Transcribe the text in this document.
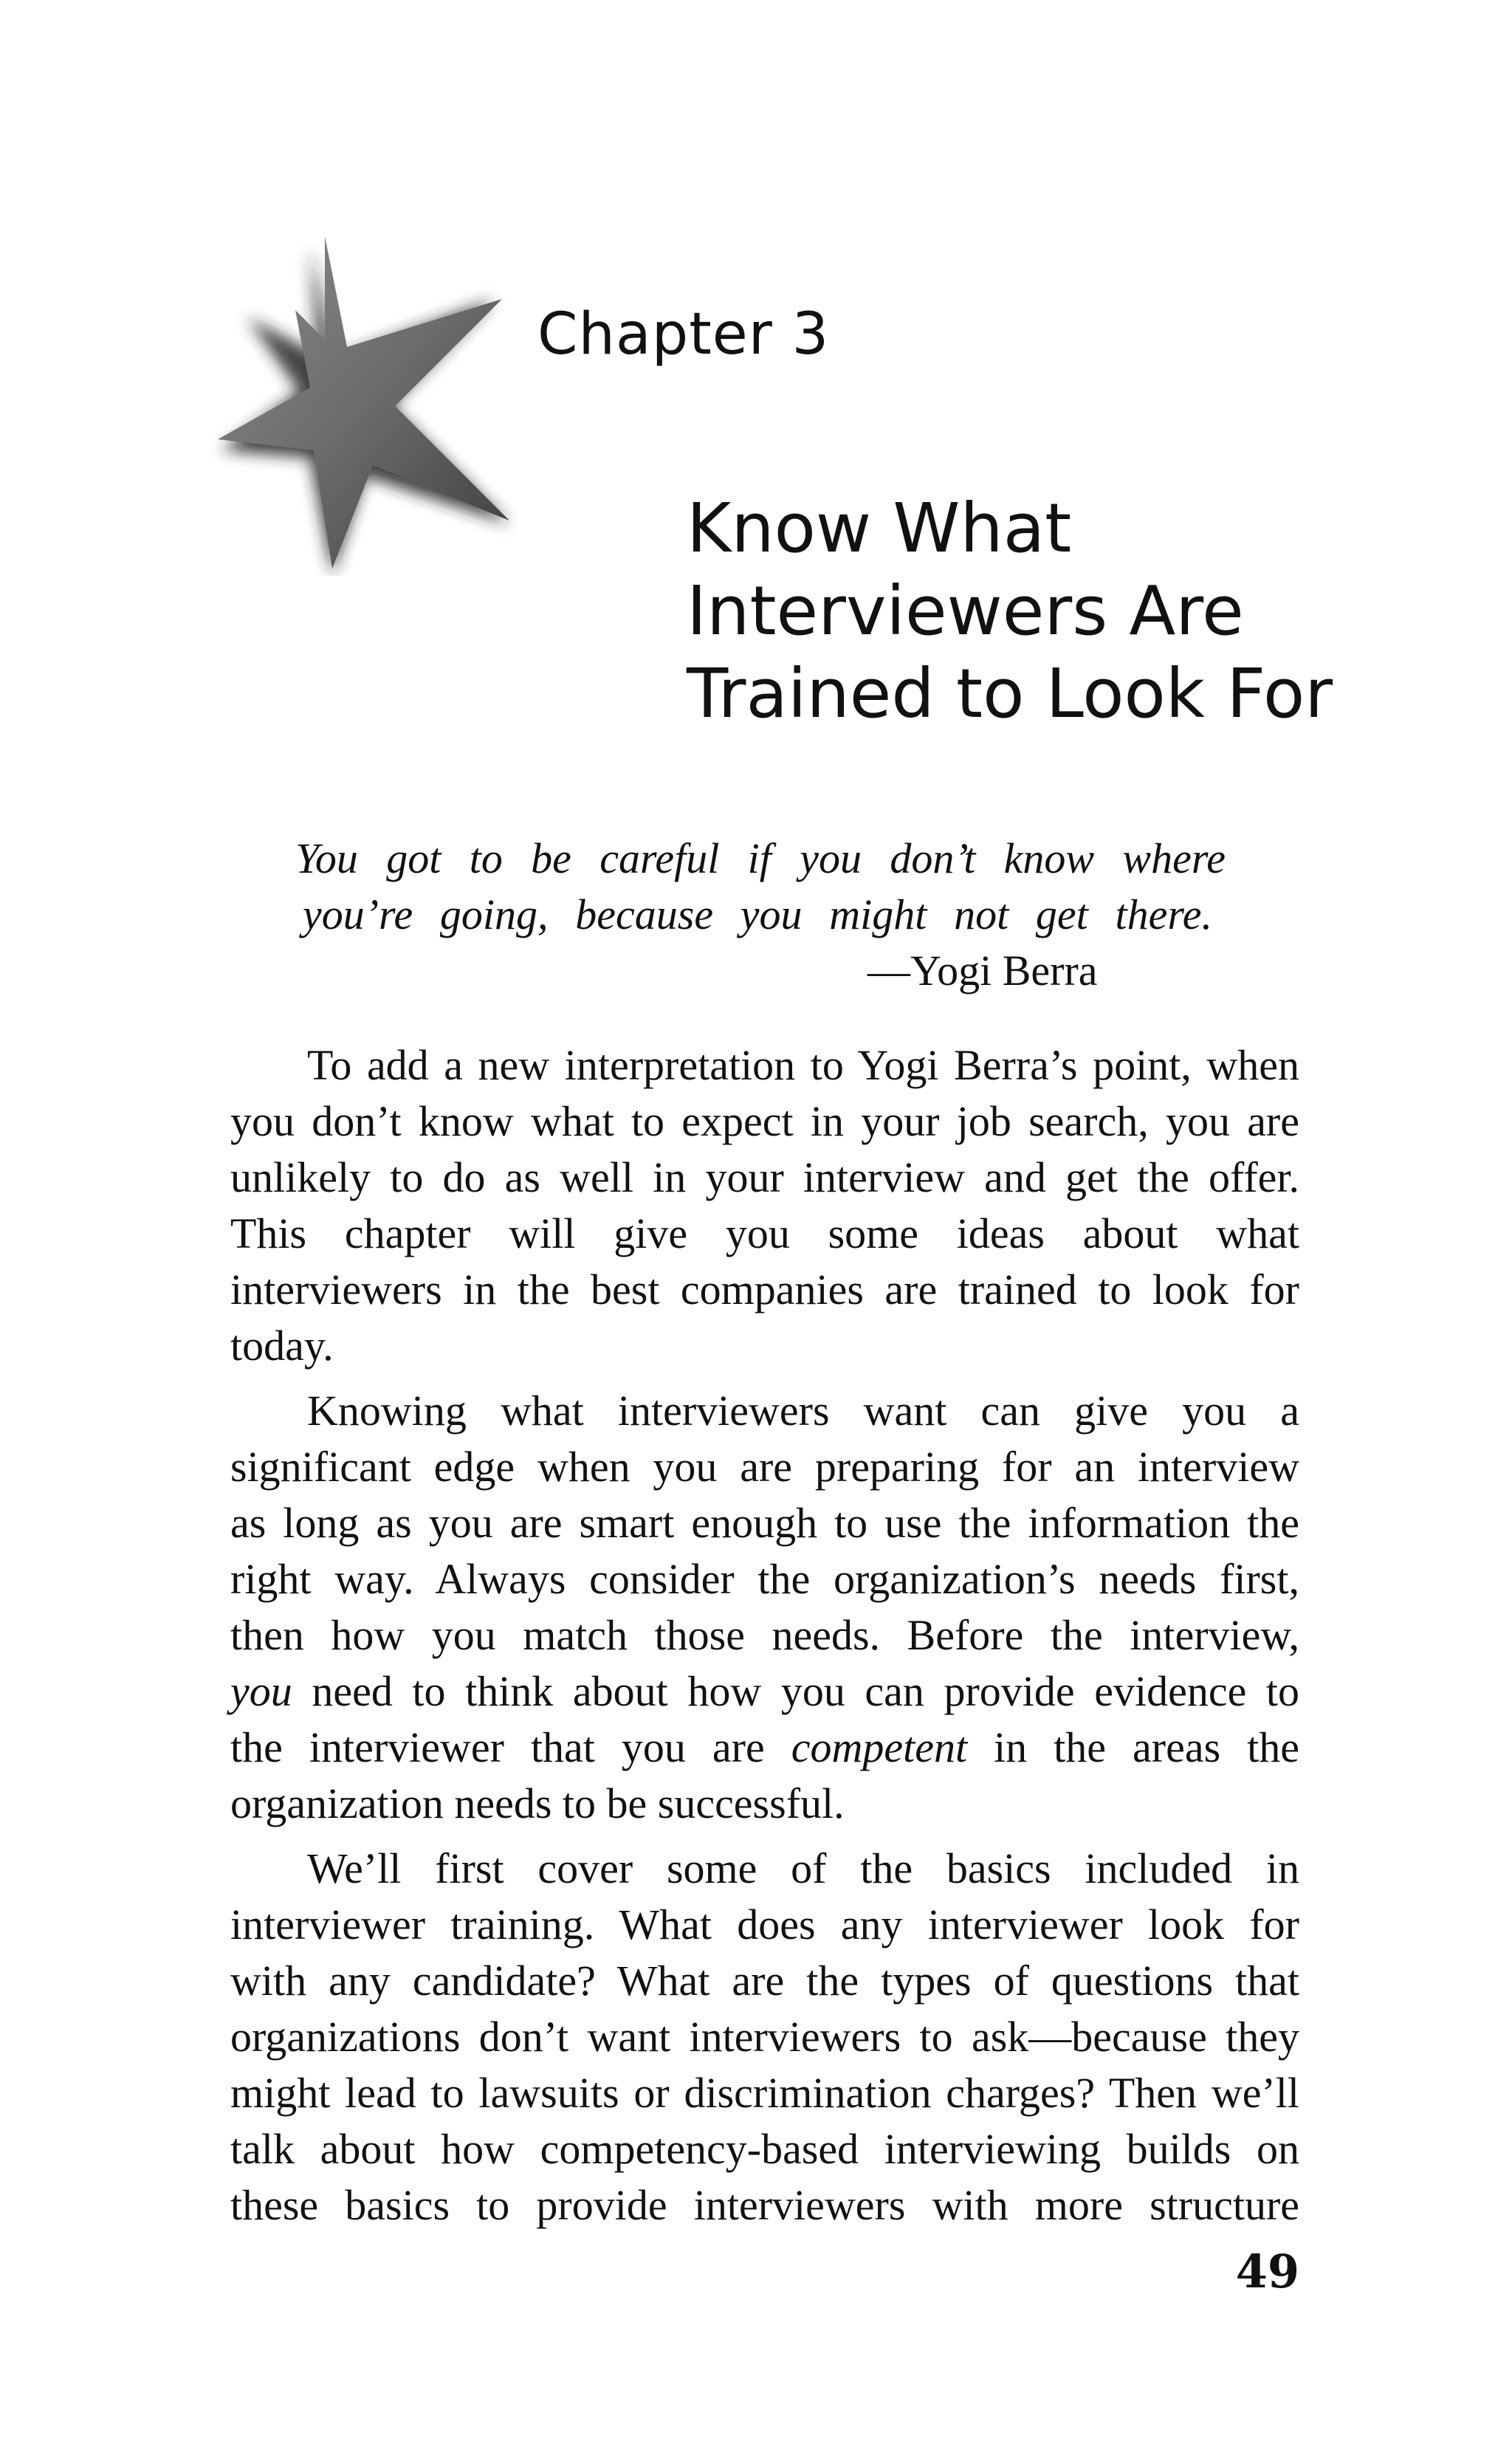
Chapter 3
Know What
Interviewers Are
Trained to Look For
You got to be careful if you don’t know where
you’re going, because you might not get there.
—Yogi Berra
To add a new interpretation to Yogi Berra’s point, when
you don’t know what to expect in your job search, you are
unlikely to do as well in your interview and get the offer.
This chapter will give you some ideas about what
interviewers in the best companies are trained to look for
today.
Knowing what interviewers want can give you a
significant edge when you are preparing for an interview
as long as you are smart enough to use the information the
right way. Always consider the organization’s needs first,
then how you match those needs. Before the interview,
you need to think about how you can provide evidence to
the interviewer that you are competent in the areas the
organization needs to be successful.
We’ll first cover some of the basics included in
interviewer training. What does any interviewer look for
with any candidate? What are the types of questions that
organizations don’t want interviewers to ask—because they
might lead to lawsuits or discrimination charges? Then we’ll
talk about how competency-based interviewing builds on
these basics to provide interviewers with more structure
49
